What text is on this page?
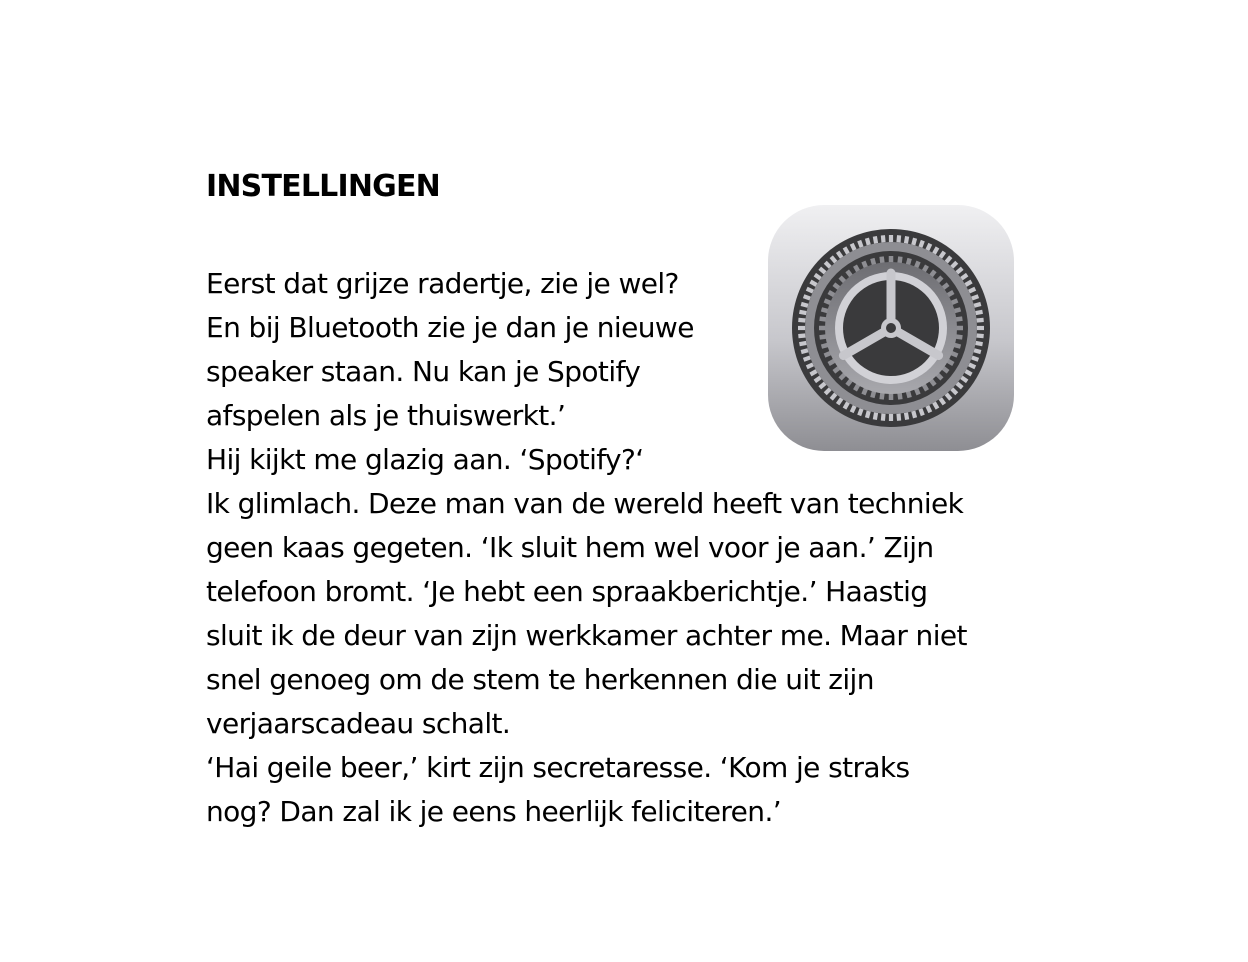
INSTELLINGEN

Eerst dat grijze radertje, zie je wel?

En bij Bluetooth zie je dan je nieuwe

speaker staan. Nu kan je Spotify

afspelen als je thuiswerkt.’

Hij kijkt me glazig aan. ‘Spotify?‘

Ik glimlach. Deze man van de wereld heeft van techniek

geen kaas gegeten. ‘Ik sluit hem wel voor je aan.’ Zijn

telefoon bromt. ‘Je hebt een spraakberichtje.’ Haastig

sluit ik de deur van zijn werkkamer achter me. Maar niet

snel genoeg om de stem te herkennen die uit zijn

verjaarscadeau schalt.

‘Hai geile beer,’ kirt zijn secretaresse. ‘Kom je straks

nog? Dan zal ik je eens heerlijk feliciteren.’
